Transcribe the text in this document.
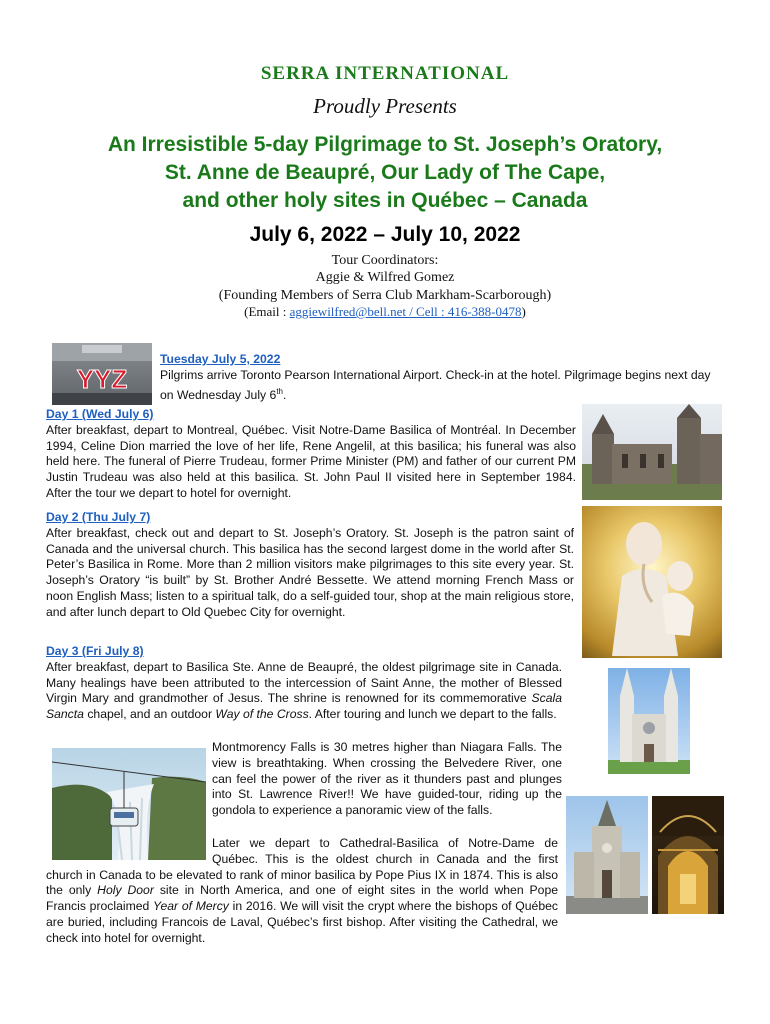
SERRA INTERNATIONAL
Proudly Presents
An Irresistible 5-day Pilgrimage to St. Joseph’s Oratory,
St. Anne de Beaupré, Our Lady of The Cape,
and other holy sites in Québec – Canada
July 6, 2022 – July 10, 2022
Tour Coordinators:
Aggie & Wilfred Gomez
(Founding Members of Serra Club Markham-Scarborough)
(Email : aggiewilfred@bell.net / Cell : 416-388-0478)
YYZ
Tuesday July 5, 2022
Pilgrims arrive Toronto Pearson International Airport. Check-in at the hotel. Pilgrimage begins next day on Wednesday July 6th.
Day 1 (Wed July 6)
After breakfast, depart to Montreal, Québec. Visit Notre-Dame Basilica of Montréal. In December 1994, Celine Dion married the love of her life, Rene Angelil, at this basilica; his funeral was also held here. The funeral of Pierre Trudeau, former Prime Minister (PM) and father of our current PM Justin Trudeau was also held at this basilica. St. John Paul II visited here in September 1984. After the tour we depart to hotel for overnight.
Day 2 (Thu July 7)
After breakfast, check out and depart to St. Joseph’s Oratory. St. Joseph is the patron saint of Canada and the universal church. This basilica has the second largest dome in the world after St. Peter’s Basilica in Rome. More than 2 million visitors make pilgrimages to this site every year. St. Joseph’s Oratory “is built” by St. Brother André Bessette. We attend morning French Mass or noon English Mass; listen to a spiritual talk, do a self-guided tour, shop at the main religious store, and after lunch depart to Old Quebec City for overnight.
Day 3 (Fri July 8)
After breakfast, depart to Basilica Ste. Anne de Beaupré, the oldest pilgrimage site in Canada. Many healings have been attributed to the intercession of Saint Anne, the mother of Blessed Virgin Mary and grandmother of Jesus. The shrine is renowned for its commemorative Scala Sancta chapel, and an outdoor Way of the Cross. After touring and lunch we depart to the falls.
Montmorency Falls is 30 metres higher than Niagara Falls. The view is breathtaking. When crossing the Belvedere River, one can feel the power of the river as it thunders past and plunges into St. Lawrence River!! We have guided-tour, riding up the gondola to experience a panoramic view of the falls.
Later we depart to Cathedral-Basilica of Notre-Dame de Québec. This is the oldest church in Canada and the first church in Canada to be elevated to rank of minor basilica by Pope Pius IX in 1874. This is also the only Holy Door site in North America, and one of eight sites in the world when Pope Francis proclaimed Year of Mercy in 2016. We will visit the crypt where the bishops of Québec are buried, including Francois de Laval, Québec’s first bishop. After visiting the Cathedral, we check into hotel for overnight.
